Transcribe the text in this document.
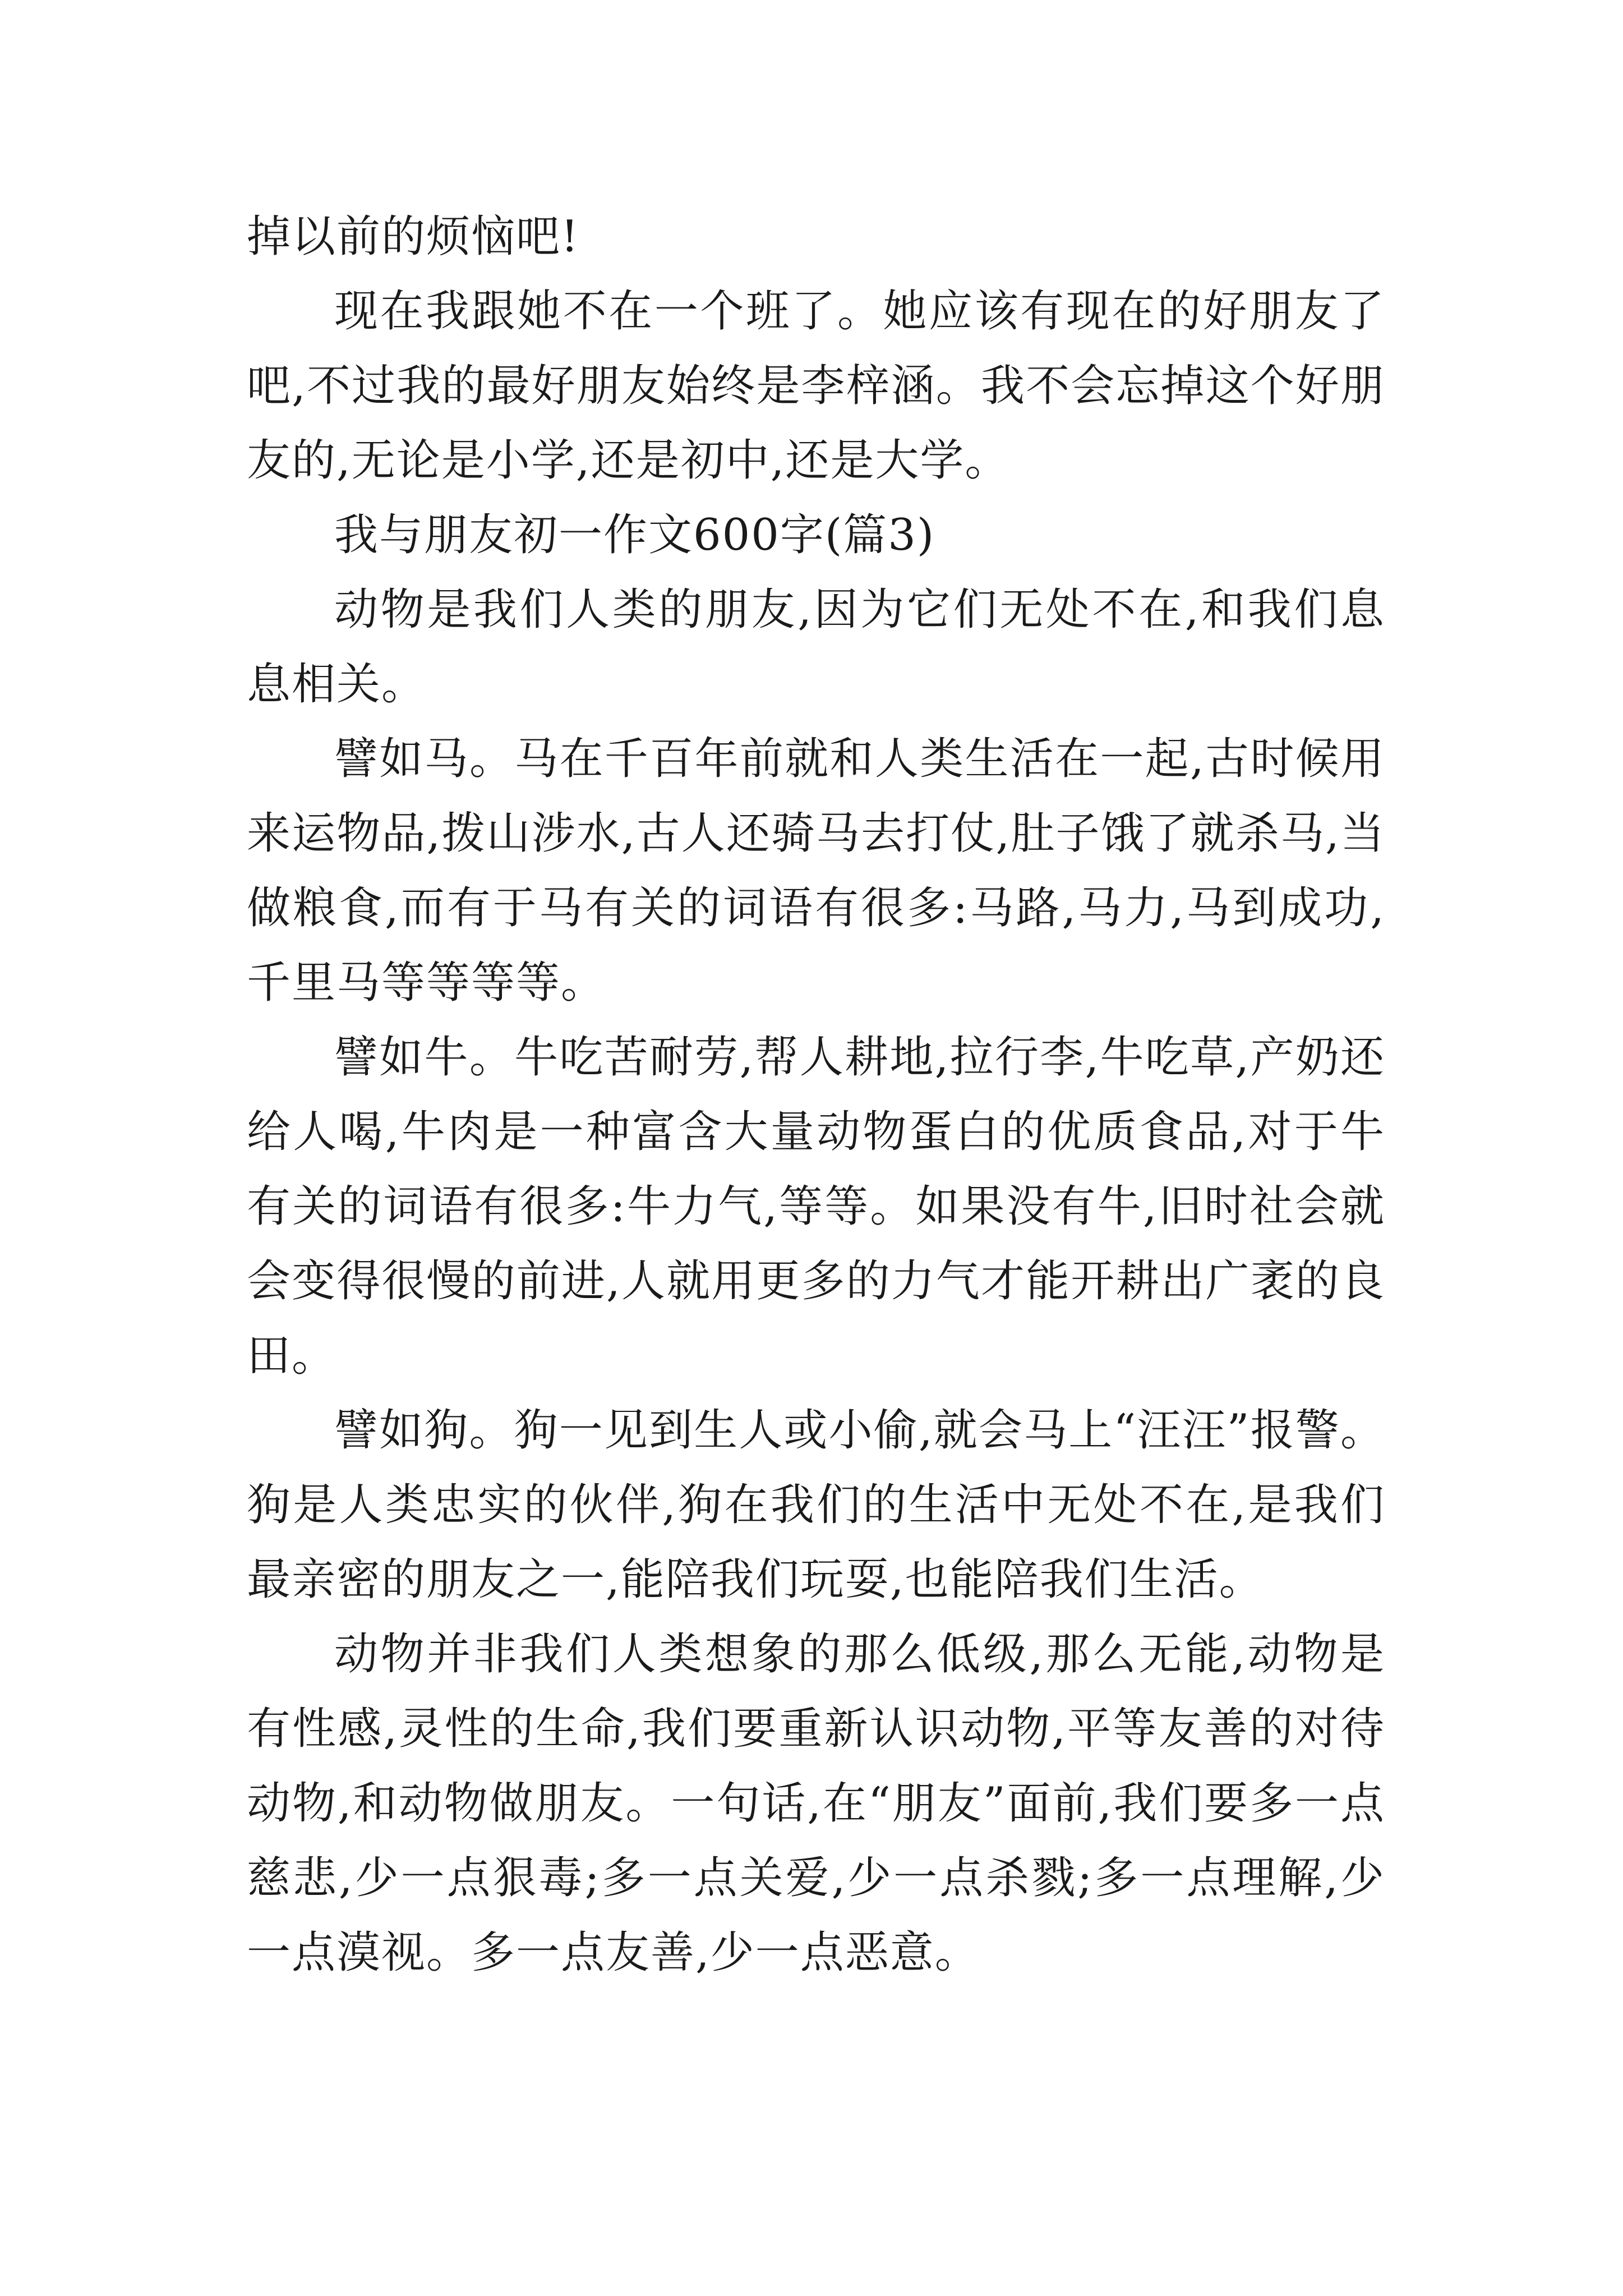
掉以前的烦恼吧!

现在我跟她不在一个班了。她应该有现在的好朋友了吧,不过我的最好朋友始终是李梓涵。我不会忘掉这个好朋友的,无论是小学,还是初中,还是大学。

我与朋友初一作文600字(篇3)

动物是我们人类的朋友,因为它们无处不在,和我们息息相关。

譬如马。马在千百年前就和人类生活在一起,古时候用来运物品,拨山涉水,古人还骑马去打仗,肚子饿了就杀马,当做粮食,而有于马有关的词语有很多:马路,马力,马到成功,千里马等等等等。

譬如牛。牛吃苦耐劳,帮人耕地,拉行李,牛吃草,产奶还给人喝,牛肉是一种富含大量动物蛋白的优质食品,对于牛有关的词语有很多:牛力气,等等。如果没有牛,旧时社会就会变得很慢的前进,人就用更多的力气才能开耕出广袤的良田。

譬如狗。狗一见到生人或小偷,就会马上“汪汪”报警。狗是人类忠实的伙伴,狗在我们的生活中无处不在,是我们最亲密的朋友之一,能陪我们玩耍,也能陪我们生活。

动物并非我们人类想象的那么低级,那么无能,动物是有性感,灵性的生命,我们要重新认识动物,平等友善的对待动物,和动物做朋友。一句话,在“朋友”面前,我们要多一点慈悲,少一点狠毒;多一点关爱,少一点杀戮;多一点理解,少一点漠视。多一点友善,少一点恶意。
